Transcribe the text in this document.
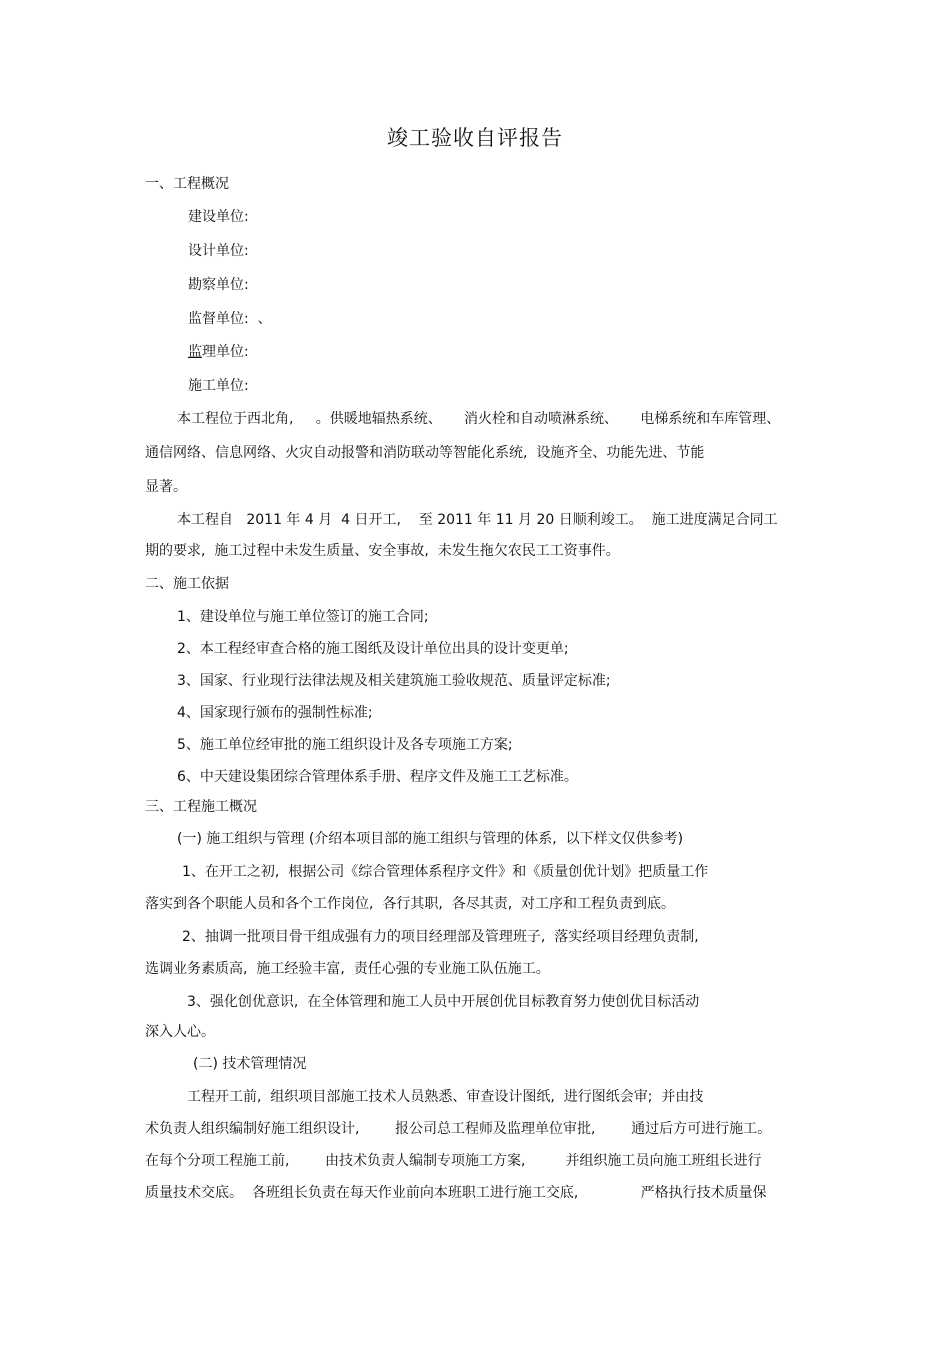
竣工验收自评报告
一、工程概况
建设单位:
设计单位:
勘察单位:
监督单位:  、
监理单位:
施工单位:
本工程位于西北角,     。供暖地辐热系统、     消火栓和自动喷淋系统、     电梯系统和车库管理、
通信网络、信息网络、火灾自动报警和消防联动等智能化系统,  设施齐全、功能先进、节能
显著。
本工程自   2011 年 4 月  4 日开工,    至 2011 年 11 月 20 日顺利竣工。  施工进度满足合同工
期的要求,  施工过程中未发生质量、安全事故,  未发生拖欠农民工工资事件。
二、施工依据
1、建设单位与施工单位签订的施工合同;
2、本工程经审查合格的施工图纸及设计单位出具的设计变更单;
3、国家、行业现行法律法规及相关建筑施工验收规范、质量评定标准;
4、国家现行颁布的强制性标准;
5、施工单位经审批的施工组织设计及各专项施工方案;
6、中天建设集团综合管理体系手册、程序文件及施工工艺标准。
三、工程施工概况
(一) 施工组织与管理 (介绍本项目部的施工组织与管理的体系,  以下样文仅供参考)
1、在开工之初,  根据公司《综合管理体系程序文件》和《质量创优计划》把质量工作
落实到各个职能人员和各个工作岗位,  各行其职,  各尽其责,  对工序和工程负责到底。
2、抽调一批项目骨干组成强有力的项目经理部及管理班子,  落实经项目经理负责制,
选调业务素质高,  施工经验丰富,  责任心强的专业施工队伍施工。
3、强化创优意识,  在全体管理和施工人员中开展创优目标教育努力使创优目标活动
深入人心。
(二) 技术管理情况
工程开工前,  组织项目部施工技术人员熟悉、审查设计图纸,  进行图纸会审;  并由技
术负责人组织编制好施工组织设计,        报公司总工程师及监理单位审批,        通过后方可进行施工。
在每个分项工程施工前,        由技术负责人编制专项施工方案,         并组织施工员向施工班组长进行
质量技术交底。  各班组长负责在每天作业前向本班职工进行施工交底,              严格执行技术质量保
